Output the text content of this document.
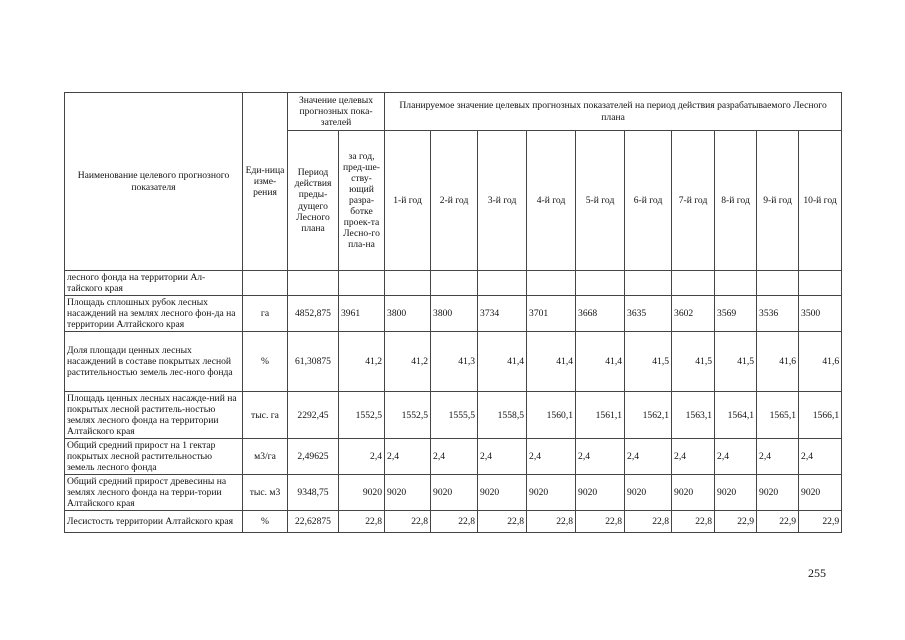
Наименование целевого прогнозного показателя	Еди-ница изме-рения	Значение целевых прогнозных пока-зателей		Планируемое значение целевых прогнозных показателей на период действия разрабатываемого Лесного плана									
		Период действия преды-дущего Лесного плана	за год, пред-ше-ству-ющий разра-ботке проек-та Лесно-го пла-на	1-й год	2-й год	3-й год	4-й год	5-й год	6-й год	7-й год	8-й год	9-й год	10-й год
лесного фонда на территории Ал-тайского края													
Площадь сплошных рубок лесных насаждений на землях лесного фон-да на территории Алтайского края	га	4852,875	3961	3800	3800	3734	3701	3668	3635	3602	3569	3536	3500
Доля площади ценных лесных насаждений в составе покрытых лесной растительностью земель лес-ного фонда	%	61,30875	41,2	41,2	41,3	41,4	41,4	41,4	41,5	41,5	41,5	41,6	41,6
Площадь ценных лесных насажде-ний на покрытых лесной раститель-ностью землях лесного фонда на территории Алтайского края	тыс. га	2292,45	1552,5	1552,5	1555,5	1558,5	1560,1	1561,1	1562,1	1563,1	1564,1	1565,1	1566,1
Общий средний прирост на 1 гектар покрытых лесной растительностью земель лесного фонда	м3/га	2,49625	2,4	2,4	2,4	2,4	2,4	2,4	2,4	2,4	2,4	2,4	2,4
Общий средний прирост древесины на землях лесного фонда на терри-тории Алтайского края	тыс. м3	9348,75	9020	9020	9020	9020	9020	9020	9020	9020	9020	9020	9020
Лесистость территории Алтайского края	%	22,62875	22,8	22,8	22,8	22,8	22,8	22,8	22,8	22,8	22,9	22,9	22,9
255
